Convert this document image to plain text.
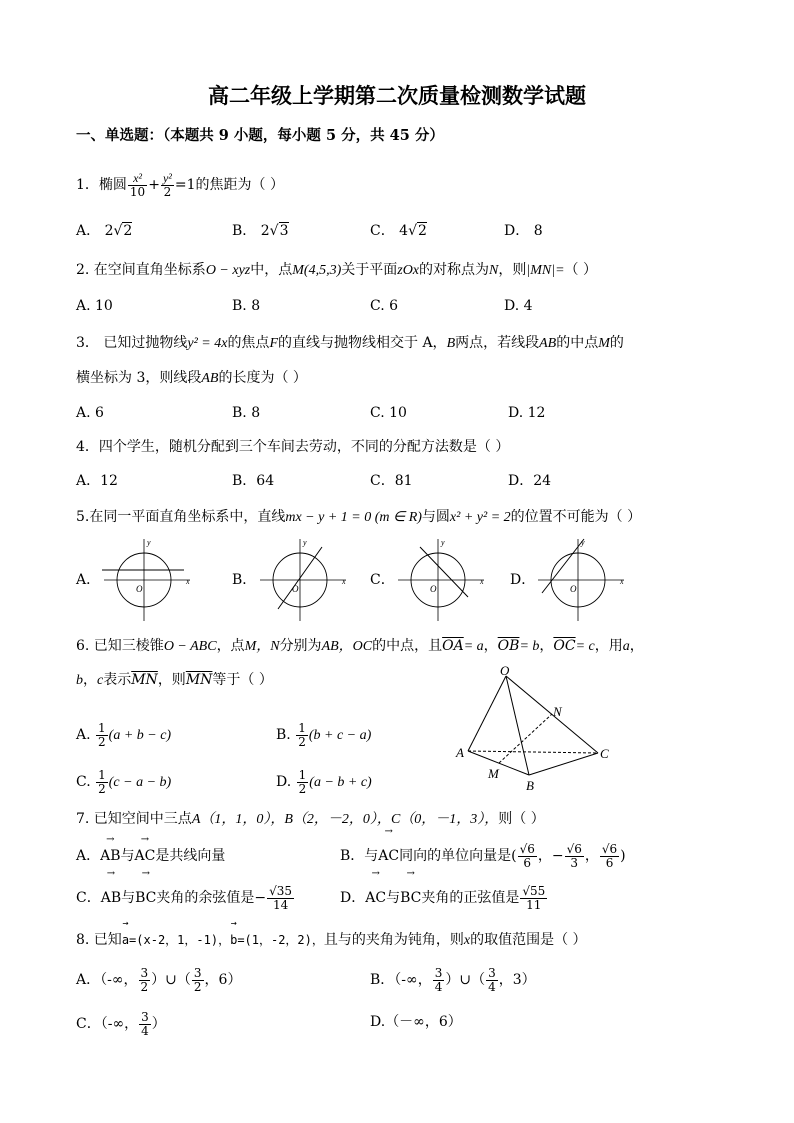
高二年级上学期第二次质量检测数学试题
一、单选题：（本题共 9 小题，每小题 5 分，共 45 分）
1．椭圆 $\frac{\text{x²}}{10} + \frac{\text{y²}}{2} =1$的焦距为（ ）
A． 2√2	B． 2√3	C． 4√2	D． 8
2. 在空间直角坐标系O − xyz中，点M(4,5,3)关于平面zOx的对称点为N，则|MN|=（ ）
A. 10	B. 8	C. 6	D. 4
3． 已知过抛物线y² = 4x的焦点F的直线与抛物线相交于 A，B两点，若线段AB的中点M的
横坐标为 3，则线段AB的长度为（ ）
A. 6	B. 8	C. 10	D. 12
4．四个学生，随机分配到三个车间去劳动，不同的分配方法数是（ ）
A．12	B．64	C．81	D．24
5.在同一平面直角坐标系中，直线mx − y + 1 = 0 (m ∈ R)与圆x² + y² = 2的位置不可能为（ ）
A．	x
y
O
B．	x
y
O
C．	x
y
O
D．	x
y
O
6. 已知三棱锥O − ABC，点M，N分别为AB，OC的中点，且$\overline{OA}= a$，$\overline{OB}= b$，$\overline{OC}= c$，用a，
b，c表示$\overline{MN}$，则$\overline{MN}$等于（ ）
A. $\frac{1}{2} (a + b - c)$	B. $\frac{1}{2} (b + c - a)$
C. $\frac{1}{2} (c - a - b)$	D. $\frac{1}{2} (a - b + c)$
O
N
A	C
M
B
7. 已知空间中三点A（1，1，0），B（2，－2，0），C（0，－1，3），则（ ）
A．→ AB与→ AC是共线向量	B．与→ AC同向的单位向量是( $\frac{√6}{6}$ ，− $\frac{√6}{3}$ ， $\frac{√6}{6}$ )
C．→ AB与→ BC夹角的余弦值是− $\frac{√35}{14}$	D．→ AC与→ BC夹角的正弦值是 $\frac{√55}{11}$
8. 已知→ a=(x-2，1，-1)，→ b=(1，-2，2)，且与的夹角为钝角，则x的取值范围是（ ）
A．（-∞， $\frac{3}{2}$ ）∪（ $\frac{3}{2}$ ，6）	B．（-∞， $\frac{3}{4}$ ）∪（ $\frac{3}{4}$ ，3）
C．（-∞， $\frac{3}{4}$ ）	D.（－∞，6）
